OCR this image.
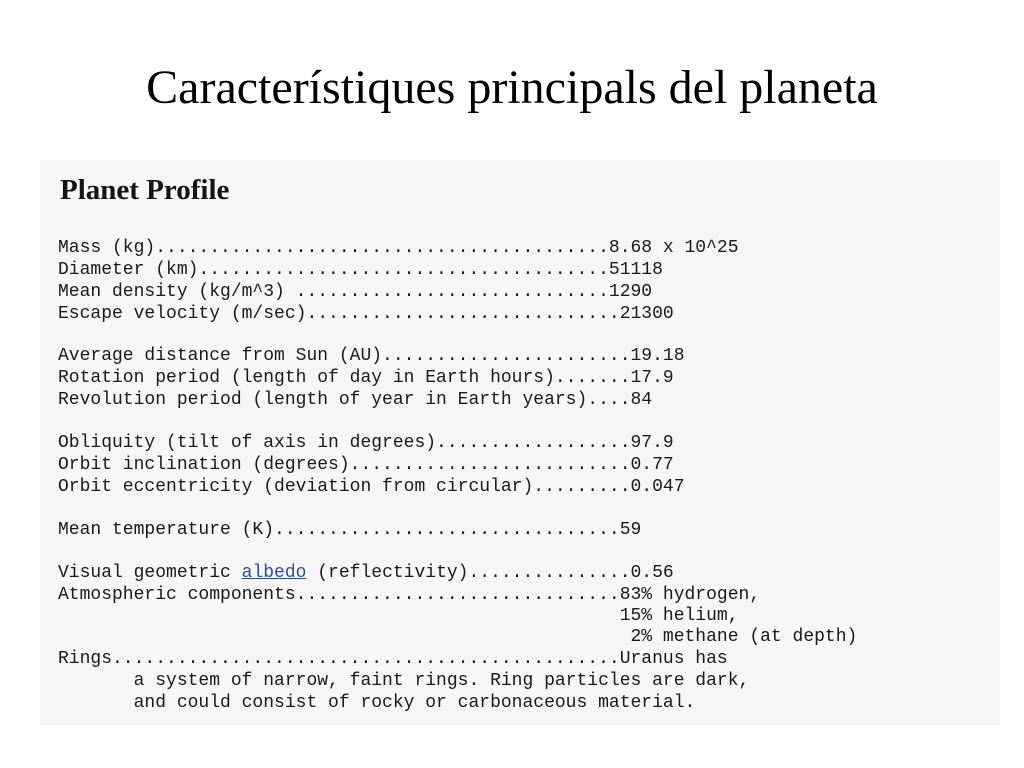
Característiques principals del planeta
Planet Profile
Mass (kg)..........................................8.68 x 10^25
Diameter (km)......................................51118
Mean density (kg/m^3) .............................1290
Escape velocity (m/sec).............................21300
Average distance from Sun (AU).......................19.18
Rotation period (length of day in Earth hours).......17.9
Revolution period (length of year in Earth years)....84
Obliquity (tilt of axis in degrees)..................97.9
Orbit inclination (degrees)..........................0.77
Orbit eccentricity (deviation from circular).........0.047
Mean temperature (K)................................59
Visual geometric albedo (reflectivity)...............0.56
Atmospheric components..............................83% hydrogen,
15% helium,
2% methane (at depth)
Rings...............................................Uranus has
a system of narrow, faint rings. Ring particles are dark,
and could consist of rocky or carbonaceous material.
